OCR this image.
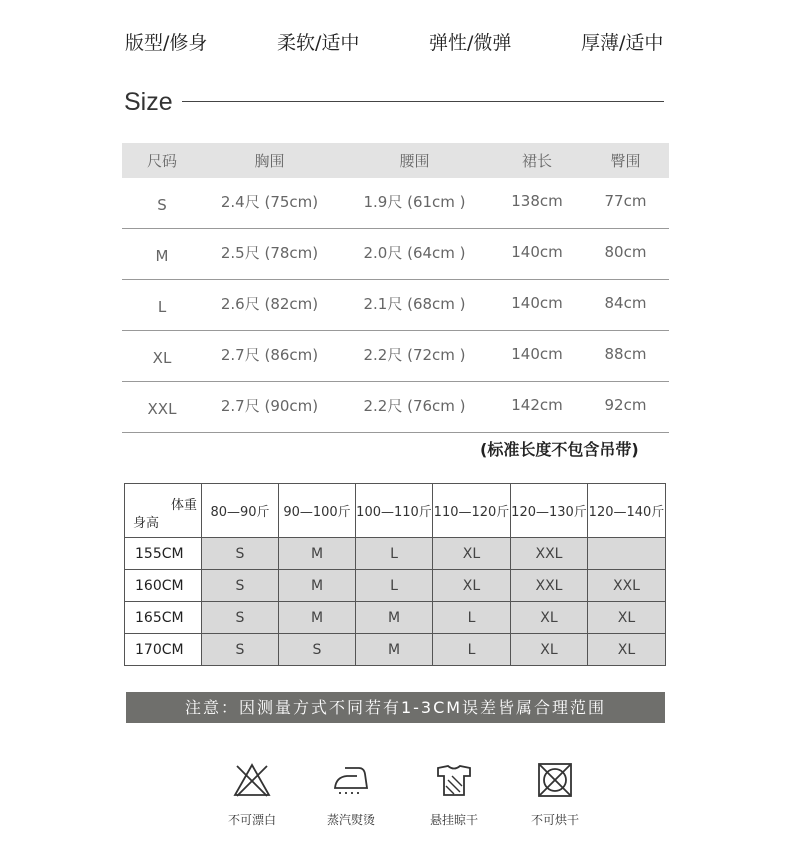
版型/修身	柔软/适中	弹性/微弹	厚薄/适中
Size
尺码	胸围	腰围	裙长	臀围
S	2.4尺 (75cm)	1.9尺 (61cm )	138cm	77cm
M	2.5尺 (78cm)	2.0尺 (64cm )	140cm	80cm
L	2.6尺 (82cm)	2.1尺 (68cm )	140cm	84cm
XL	2.7尺 (86cm)	2.2尺 (72cm )	140cm	88cm
XXL	2.7尺 (90cm)	2.2尺 (76cm )	142cm	92cm
(标准长度不包含吊带)
体重
身高	80—90斤	90—100斤	100—110斤	110—120斤	120—130斤	120—140斤
155CM	S	M	L	XL	XXL	
160CM	S	M	L	XL	XXL	XXL
165CM	S	M	M	L	XL	XL
170CM	S	S	M	L	XL	XL
注意：因测量方式不同若有1-3CM误差皆属合理范围
不可漂白	蒸汽熨烫	悬挂晾干	不可烘干
